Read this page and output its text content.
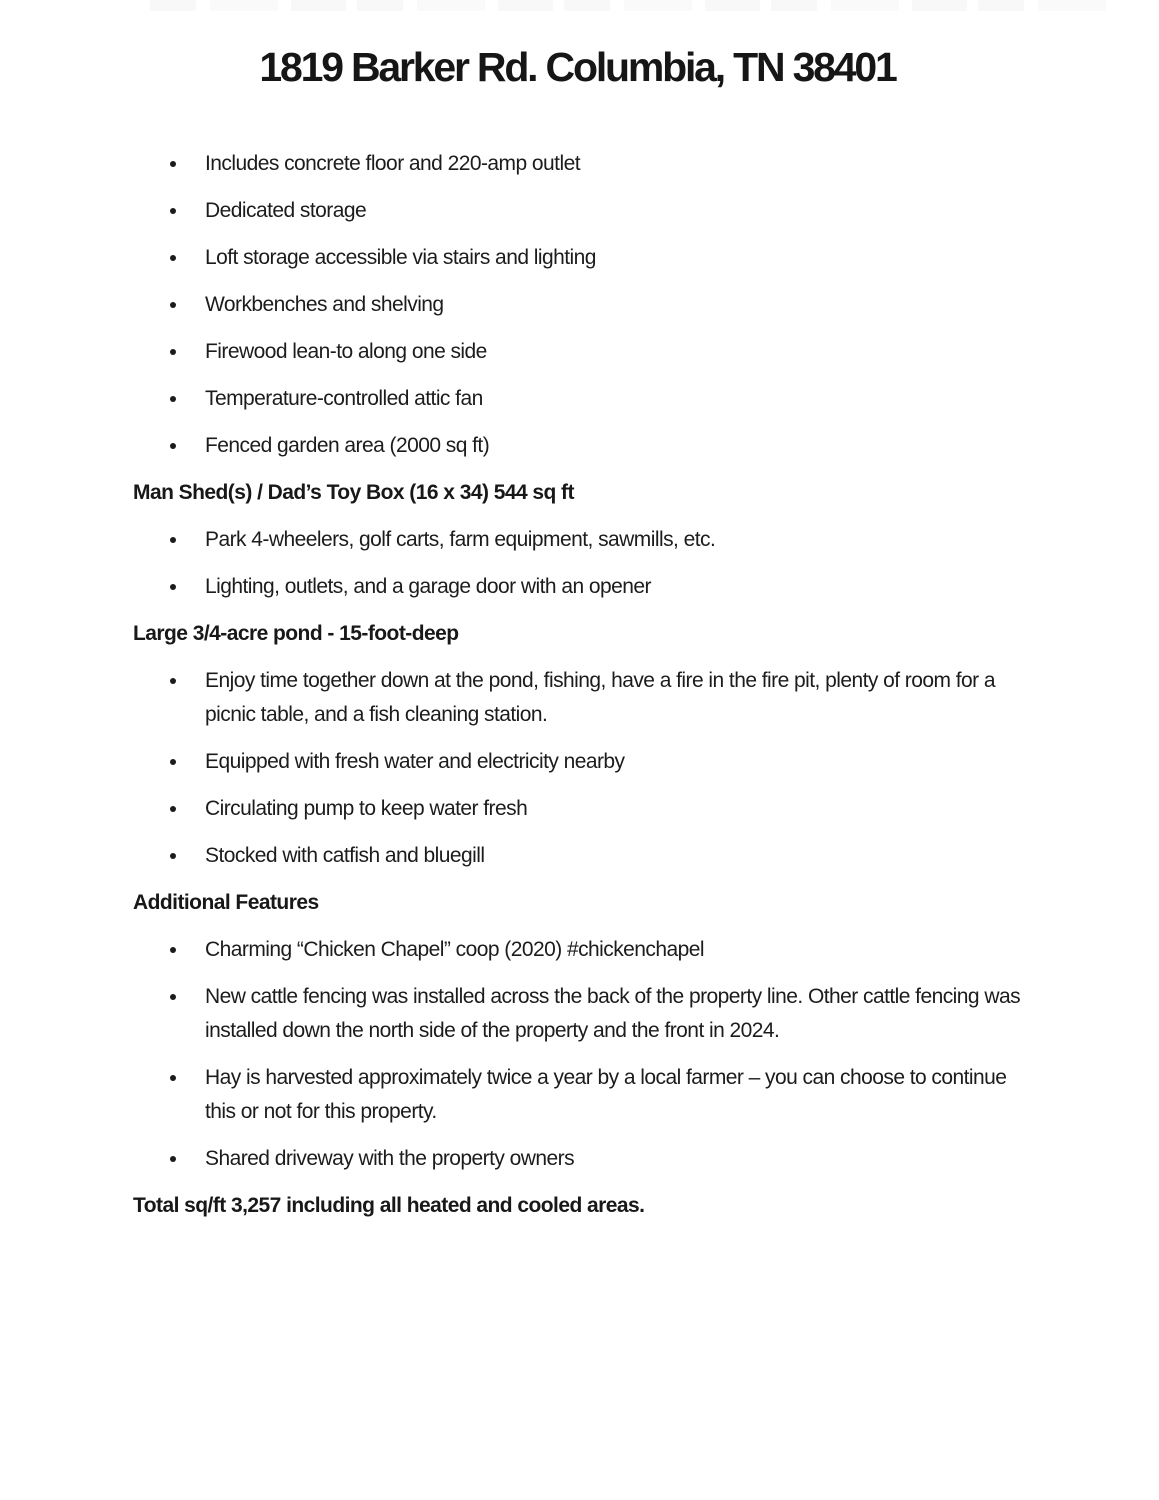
1819 Barker Rd. Columbia, TN 38401
Includes concrete floor and 220-amp outlet
Dedicated storage
Loft storage accessible via stairs and lighting
Workbenches and shelving
Firewood lean-to along one side
Temperature-controlled attic fan
Fenced garden area (2000 sq ft)

Man Shed(s) / Dad’s Toy Box (16 x 34) 544 sq ft

Park 4-wheelers, golf carts, farm equipment, sawmills, etc.
Lighting, outlets, and a garage door with an opener

Large 3/4-acre pond - 15-foot-deep

Enjoy time together down at the pond, fishing, have a fire in the fire pit, plenty of room for a picnic table, and a fish cleaning station.
Equipped with fresh water and electricity nearby
Circulating pump to keep water fresh
Stocked with catfish and bluegill

Additional Features

Charming “Chicken Chapel” coop (2020) #chickenchapel
New cattle fencing was installed across the back of the property line. Other cattle fencing was installed down the north side of the property and the front in 2024.
Hay is harvested approximately twice a year by a local farmer – you can choose to continue this or not for this property.
Shared driveway with the property owners

Total sq/ft 3,257 including all heated and cooled areas.
